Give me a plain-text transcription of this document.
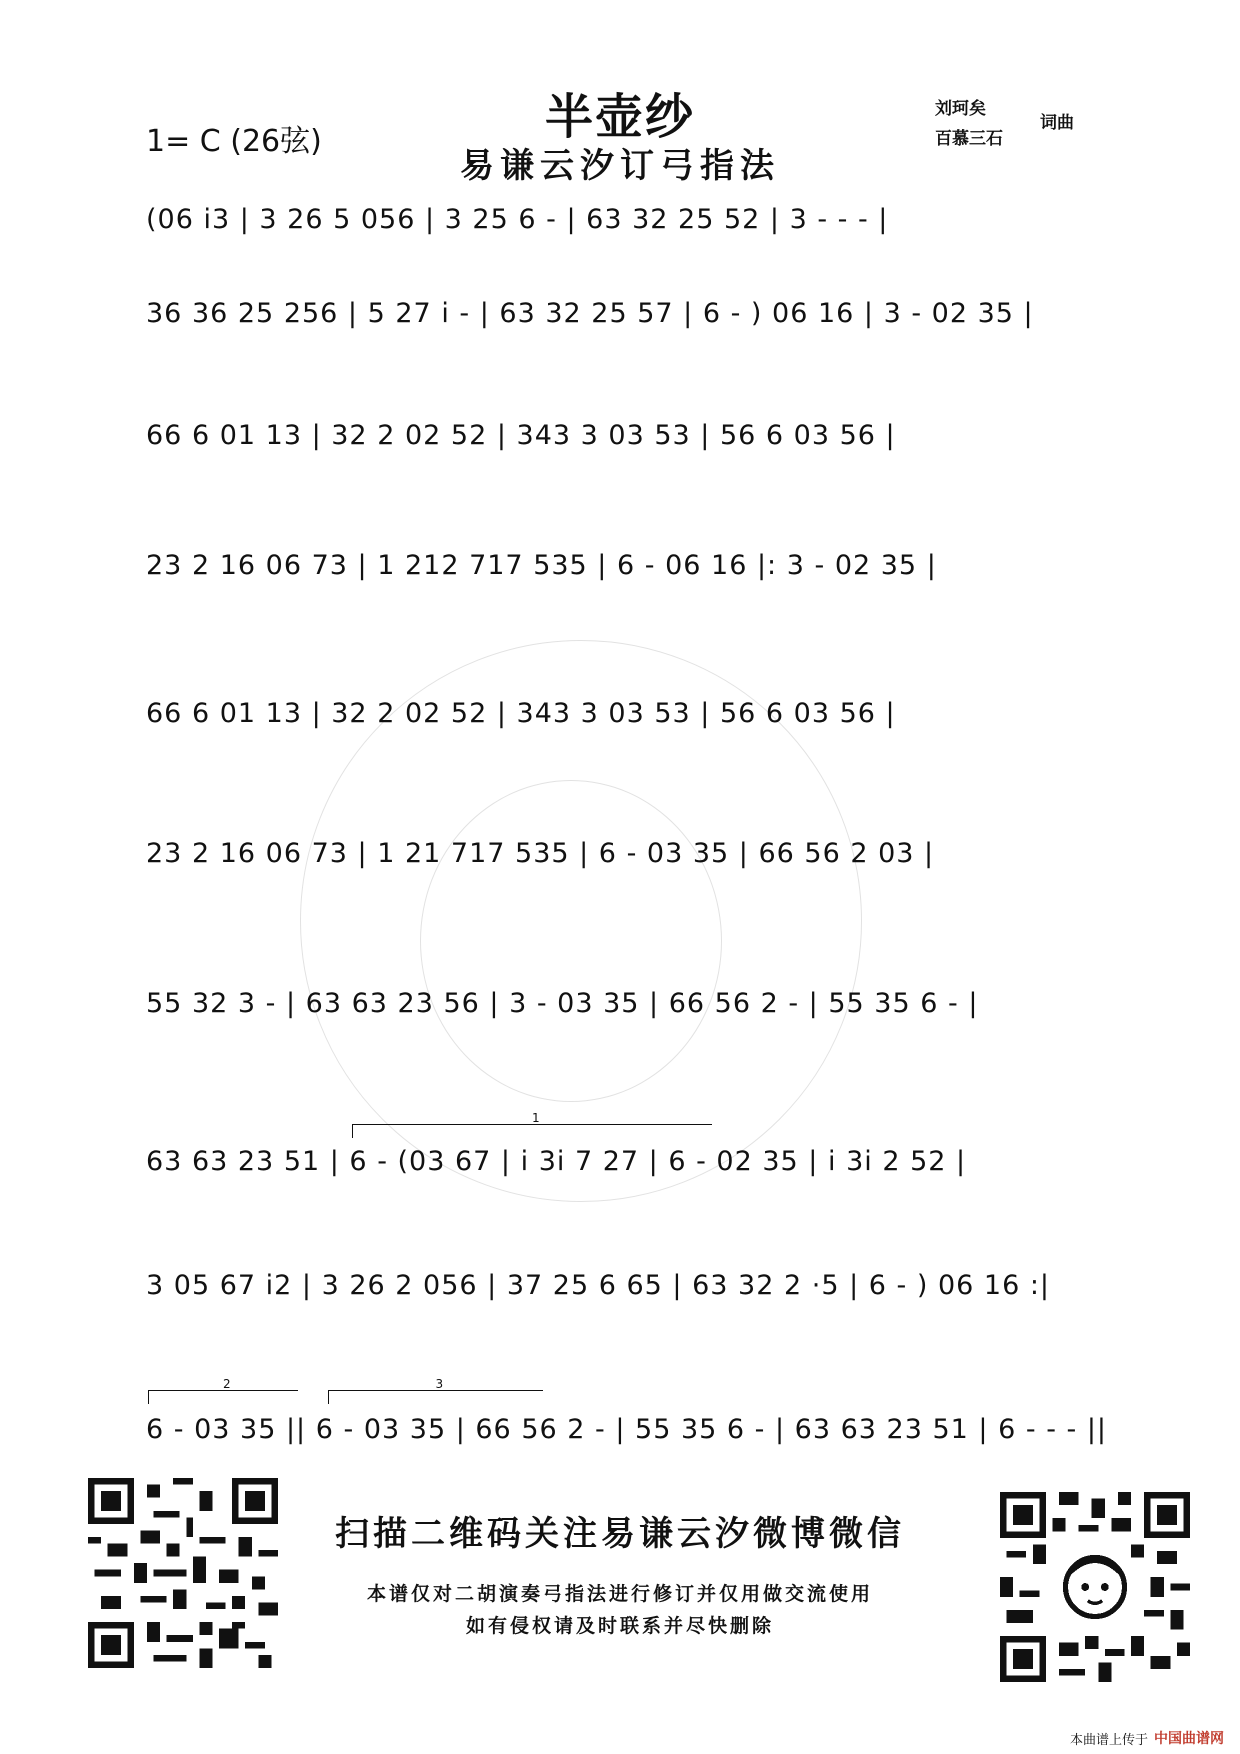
1= C (26弦)	半壶纱
易谦云汐订弓指法
刘珂矣
百慕三石
词曲
(06 i3 | 3 26 5 056 | 3 25 6 - | 63 32 25 52 | 3 - - - |
36 36 25 256 | 5 27 i - | 63 32 25 57 | 6 - ) 06 16 | 3 - 02 35 |
66 6 01 13 | 32 2 02 52 | 343 3 03 53 | 56 6 03 56 |
23 2 16 06 73 | 1 212 717 535 | 6 - 06 16 |: 3 - 02 35 |
66 6 01 13 | 32 2 02 52 | 343 3 03 53 | 56 6 03 56 |
23 2 16 06 73 | 1 21 717 535 | 6 - 03 35 | 66 56 2 03 |
55 32 3 - | 63 63 23 56 | 3 - 03 35 | 66 56 2 - | 55 35 6 - |
1
63 63 23 51 | 6 - (03 67 | i 3i 7 27 | 6 - 02 35 | i 3i 2 52 |
3 05 67 i2 | 3 26 2 056 | 37 25 6 65 | 63 32 2 ·5 | 6 - ) 06 16 :|
2	3
6 - 03 35 || 6 - 03 35 | 66 56 2 - | 55 35 6 - | 63 63 23 51 | 6 - - - ||
扫描二维码关注易谦云汐微博微信
本谱仅对二胡演奏弓指法进行修订并仅用做交流使用
如有侵权请及时联系并尽快删除
本曲谱上传于 中国曲谱网
